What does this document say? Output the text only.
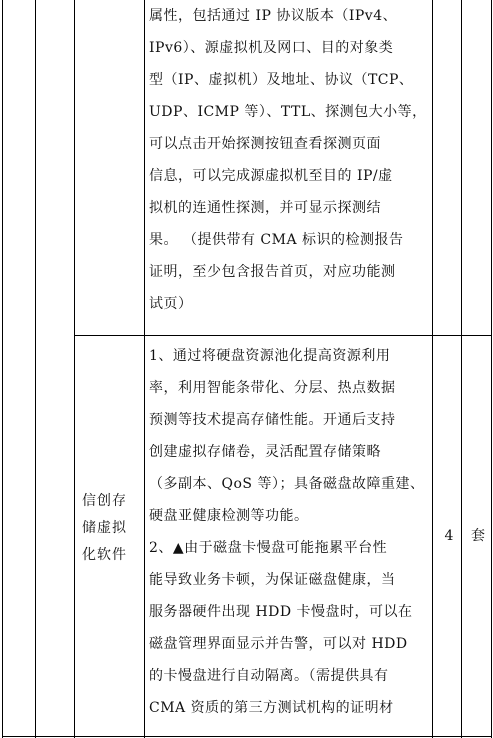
属性，包括通过 IP 协议版本（IPv4、
IPv6）、源虚拟机及网口、目的对象类
型（IP、虚拟机）及地址、协议（TCP、
UDP、ICMP 等）、TTL、探测包大小等，
可以点击开始探测按钮查看探测页面
信息，可以完成源虚拟机至目的 IP/虚
拟机的连通性探测，并可显示探测结
果。 （提供带有 CMA 标识的检测报告
证明，至少包含报告首页，对应功能测
试页）
信创存储虚拟化软件
1、通过将硬盘资源池化提高资源利用
率，利用智能条带化、分层、热点数据
预测等技术提高存储性能。开通后支持
创建虚拟存储卷，灵活配置存储策略
（多副本、QoS 等）；具备磁盘故障重建、
硬盘亚健康检测等功能。
2、▲由于磁盘卡慢盘可能拖累平台性
能导致业务卡顿，为保证磁盘健康，当
服务器硬件出现 HDD 卡慢盘时，可以在
磁盘管理界面显示并告警，可以对 HDD
的卡慢盘进行自动隔离。（需提供具有
CMA 资质的第三方测试机构的证明材
4	套
